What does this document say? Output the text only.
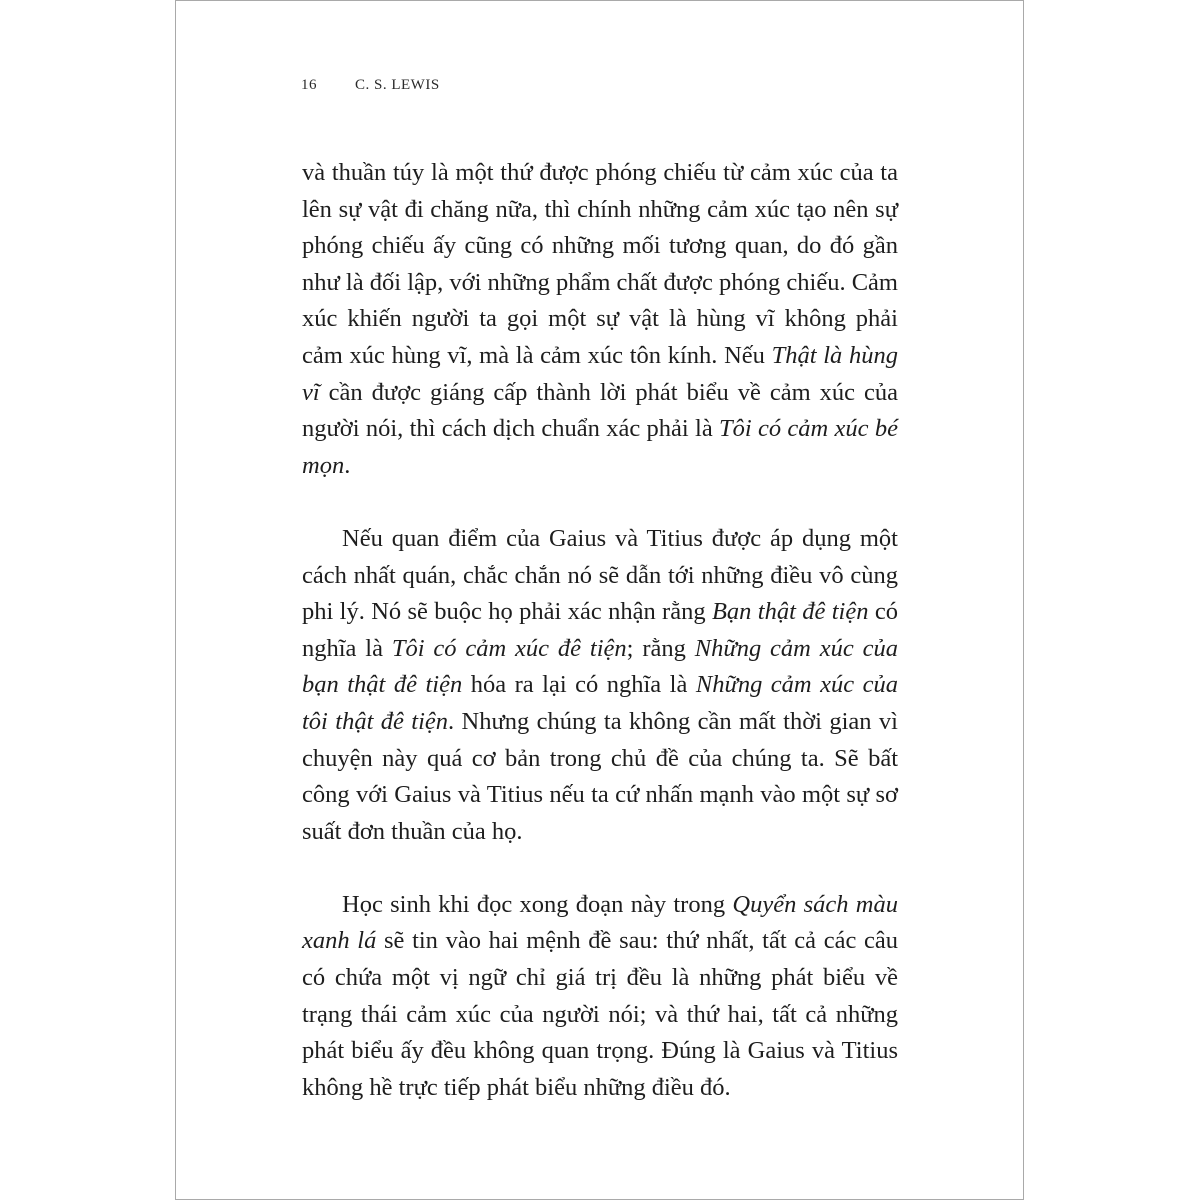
16	C. S. LEWIS

và thuần túy là một thứ được phóng chiếu từ cảm xúc của ta lên sự vật đi chăng nữa, thì chính những cảm xúc tạo nên sự phóng chiếu ấy cũng có những mối tương quan, do đó gần như là đối lập, với những phẩm chất được phóng chiếu. Cảm xúc khiến người ta gọi một sự vật là hùng vĩ không phải cảm xúc hùng vĩ, mà là cảm xúc tôn kính. Nếu Thật là hùng vĩ cần được giáng cấp thành lời phát biểu về cảm xúc của người nói, thì cách dịch chuẩn xác phải là Tôi có cảm xúc bé mọn.

Nếu quan điểm của Gaius và Titius được áp dụng một cách nhất quán, chắc chắn nó sẽ dẫn tới những điều vô cùng phi lý. Nó sẽ buộc họ phải xác nhận rằng Bạn thật đê tiện có nghĩa là Tôi có cảm xúc đê tiện; rằng Những cảm xúc của bạn thật đê tiện hóa ra lại có nghĩa là Những cảm xúc của tôi thật đê tiện. Nhưng chúng ta không cần mất thời gian vì chuyện này quá cơ bản trong chủ đề của chúng ta. Sẽ bất công với Gaius và Titius nếu ta cứ nhấn mạnh vào một sự sơ suất đơn thuần của họ.

Học sinh khi đọc xong đoạn này trong Quyển sách màu xanh lá sẽ tin vào hai mệnh đề sau: thứ nhất, tất cả các câu có chứa một vị ngữ chỉ giá trị đều là những phát biểu về trạng thái cảm xúc của người nói; và thứ hai, tất cả những phát biểu ấy đều không quan trọng. Đúng là Gaius và Titius không hề trực tiếp phát biểu những điều đó.
